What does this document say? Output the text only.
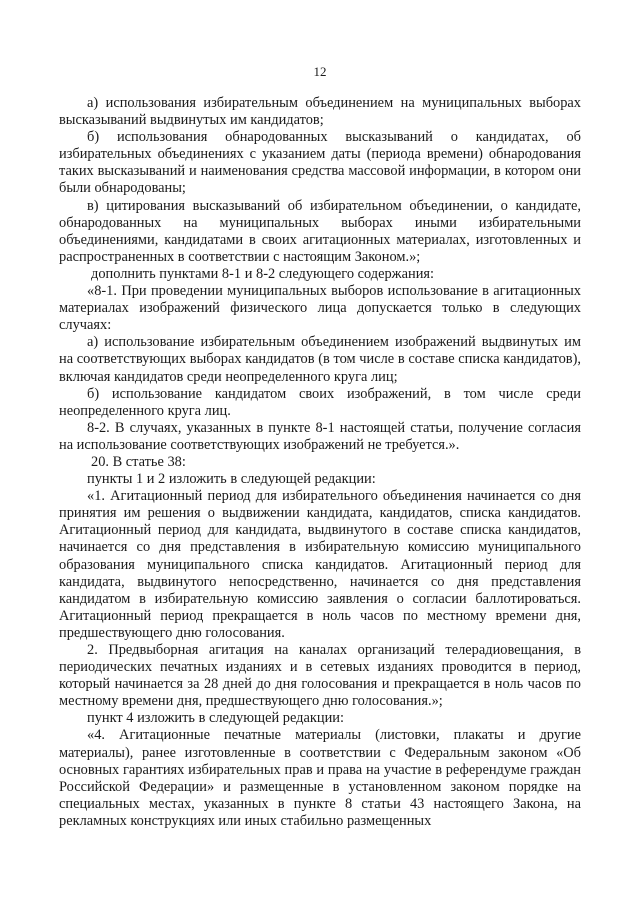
12

а) использования избирательным объединением на муниципальных выборах высказываний выдвинутых им кандидатов;

б) использования обнародованных высказываний о кандидатах, об избирательных объединениях с указанием даты (периода времени) обнародования таких высказываний и наименования средства массовой информации, в котором они были обнародованы;

в) цитирования высказываний об избирательном объединении, о кандидате, обнародованных на муниципальных выборах иными избирательными объединениями, кандидатами в своих агитационных материалах, изготовленных и распространенных в соответствии с настоящим Законом.»;

дополнить пунктами 8-1 и 8-2 следующего содержания:

«8-1. При проведении муниципальных выборов использование в агитационных материалах изображений физического лица допускается только в следующих случаях:

а) использование избирательным объединением изображений выдвинутых им на соответствующих выборах кандидатов (в том числе в составе списка кандидатов), включая кандидатов среди неопределенного круга лиц;

б) использование кандидатом своих изображений, в том числе среди неопределенного круга лиц.

8-2. В случаях, указанных в пункте 8-1 настоящей статьи, получение согласия на использование соответствующих изображений не требуется.».

20. В статье 38:

пункты 1 и 2 изложить в следующей редакции:

«1. Агитационный период для избирательного объединения начинается со дня принятия им решения о выдвижении кандидата, кандидатов, списка кандидатов. Агитационный период для кандидата, выдвинутого в составе списка кандидатов, начинается со дня представления в избирательную комиссию муниципального образования муниципального списка кандидатов. Агитационный период для кандидата, выдвинутого непосредственно, начинается со дня представления кандидатом в избирательную комиссию заявления о согласии баллотироваться. Агитационный период прекращается в ноль часов по местному времени дня, предшествующего дню голосования.

2. Предвыборная агитация на каналах организаций телерадиовещания, в периодических печатных изданиях и в сетевых изданиях проводится в период, который начинается за 28 дней до дня голосования и прекращается в ноль часов по местному времени дня, предшествующего дню голосования.»;

пункт 4 изложить в следующей редакции:

«4. Агитационные печатные материалы (листовки, плакаты и другие материалы), ранее изготовленные в соответствии с Федеральным законом «Об основных гарантиях избирательных прав и права на участие в референдуме граждан Российской Федерации» и размещенные в установленном законом порядке на специальных местах, указанных в пункте 8 статьи 43 настоящего Закона, на рекламных конструкциях или иных стабильно размещенных
